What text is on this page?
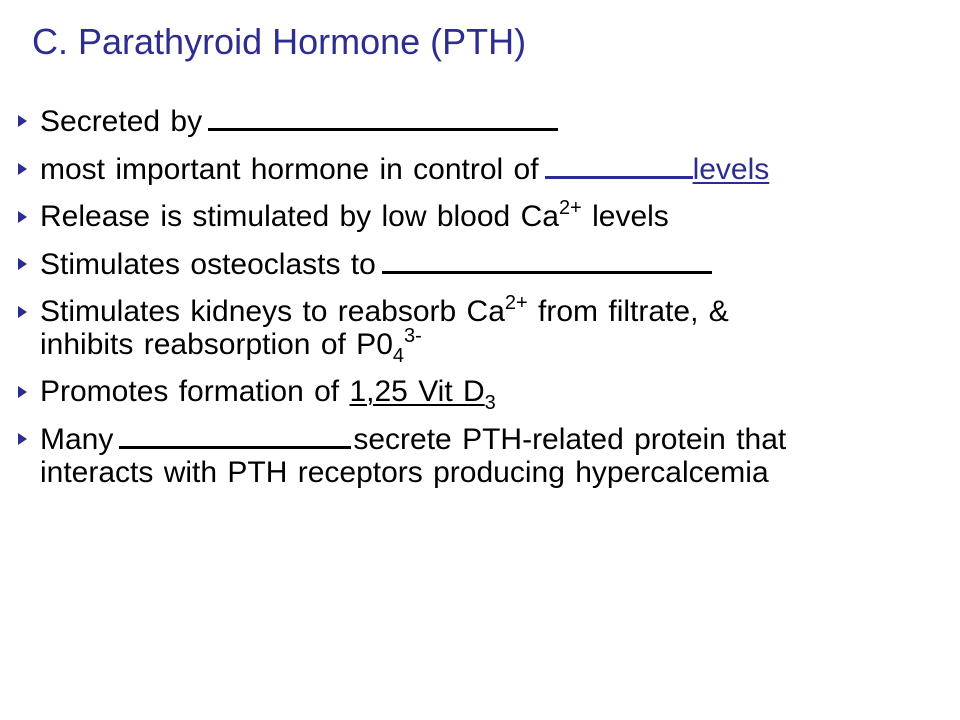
C. Parathyroid Hormone (PTH)
Secreted by
most important hormone in control of	levels
Release is stimulated by low blood $Ca^{2+}$ levels
Stimulates osteoclasts to
Stimulates kidneys to reabsorb $Ca^{2+}$ from filtrate, &
inhibits reabsorption of $P0_4^{3-}$
Promotes formation of 1,25 Vit $D_3$
Many	secrete PTH-related protein that
interacts with PTH receptors producing hypercalcemia
